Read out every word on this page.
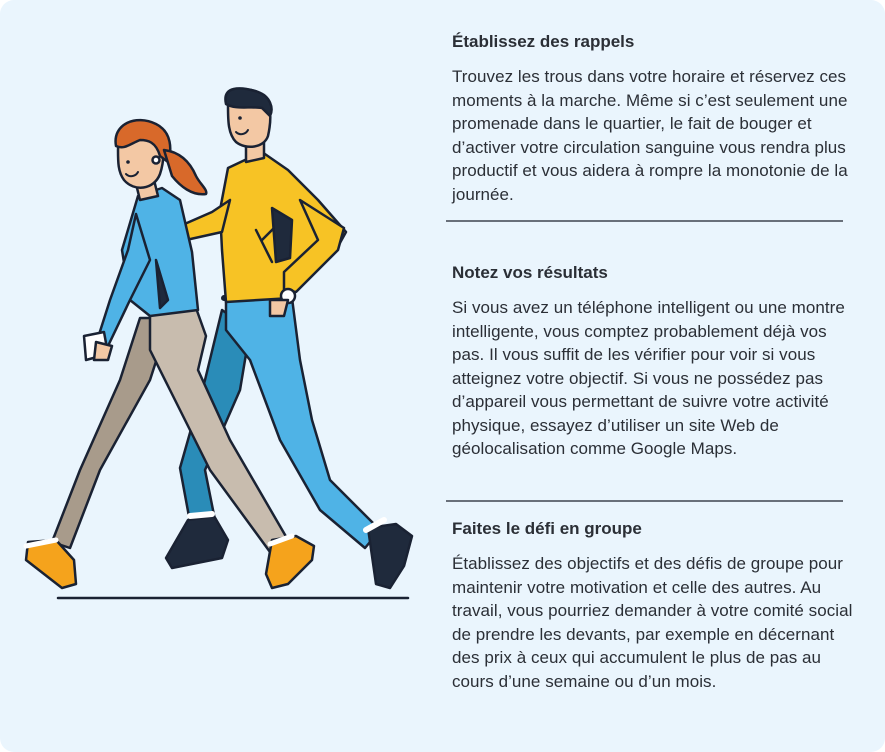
Établissez des rappels

Trouvez les trous dans votre horaire et réservez ces moments à la marche. Même si c’est seulement une promenade dans le quartier, le fait de bouger et d’activer votre circulation sanguine vous rendra plus productif et vous aidera à rompre la monotonie de la journée.

Notez vos résultats

Si vous avez un téléphone intelligent ou une montre intelligente, vous comptez probablement déjà vos pas. Il vous suffit de les vérifier pour voir si vous atteignez votre objectif. Si vous ne possédez pas d’appareil vous permettant de suivre votre activité physique, essayez d’utiliser un site Web de géolocalisation comme Google Maps.

Faites le défi en groupe

Établissez des objectifs et des défis de groupe pour maintenir votre motivation et celle des autres. Au travail, vous pourriez demander à votre comité social de prendre les devants, par exemple en décernant des prix à ceux qui accumulent le plus de pas au cours d’une semaine ou d’un mois.
